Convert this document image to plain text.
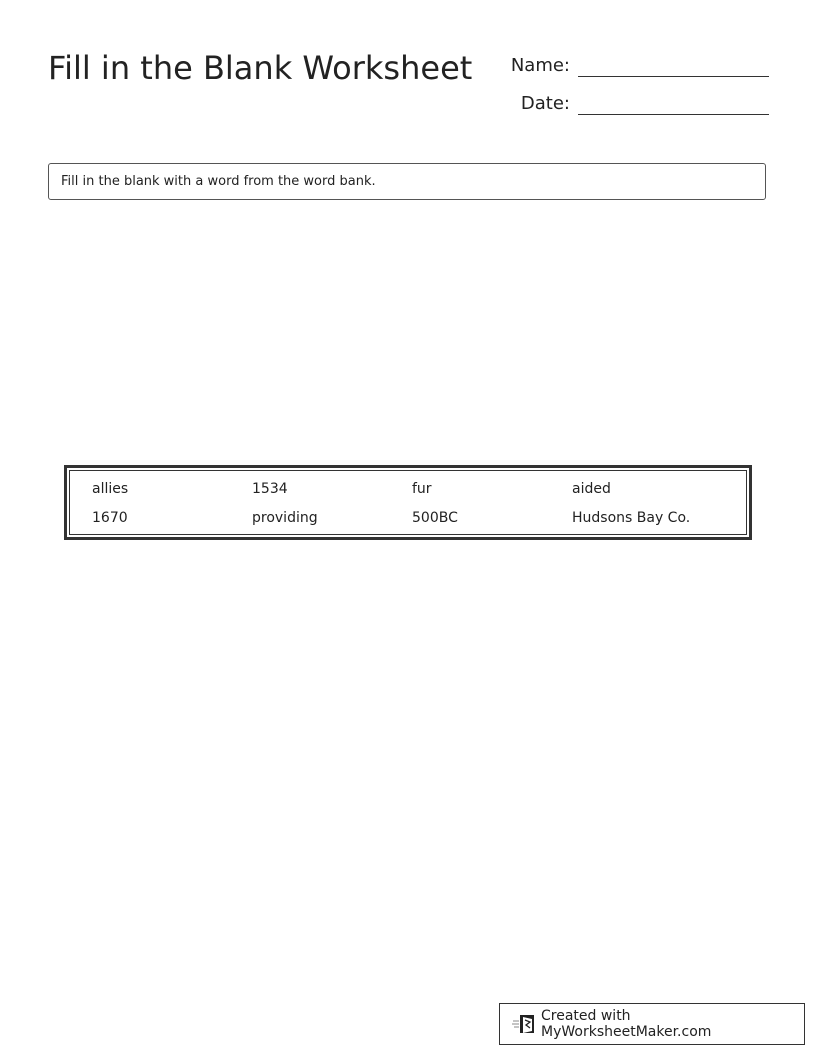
Fill in the Blank Worksheet Name:
Date:
Fill in the blank with a word from the word bank.
allies	1534	fur	aided
1670	providing	500BC	Hudsons Bay Co.
Created with MyWorksheetMaker.com
